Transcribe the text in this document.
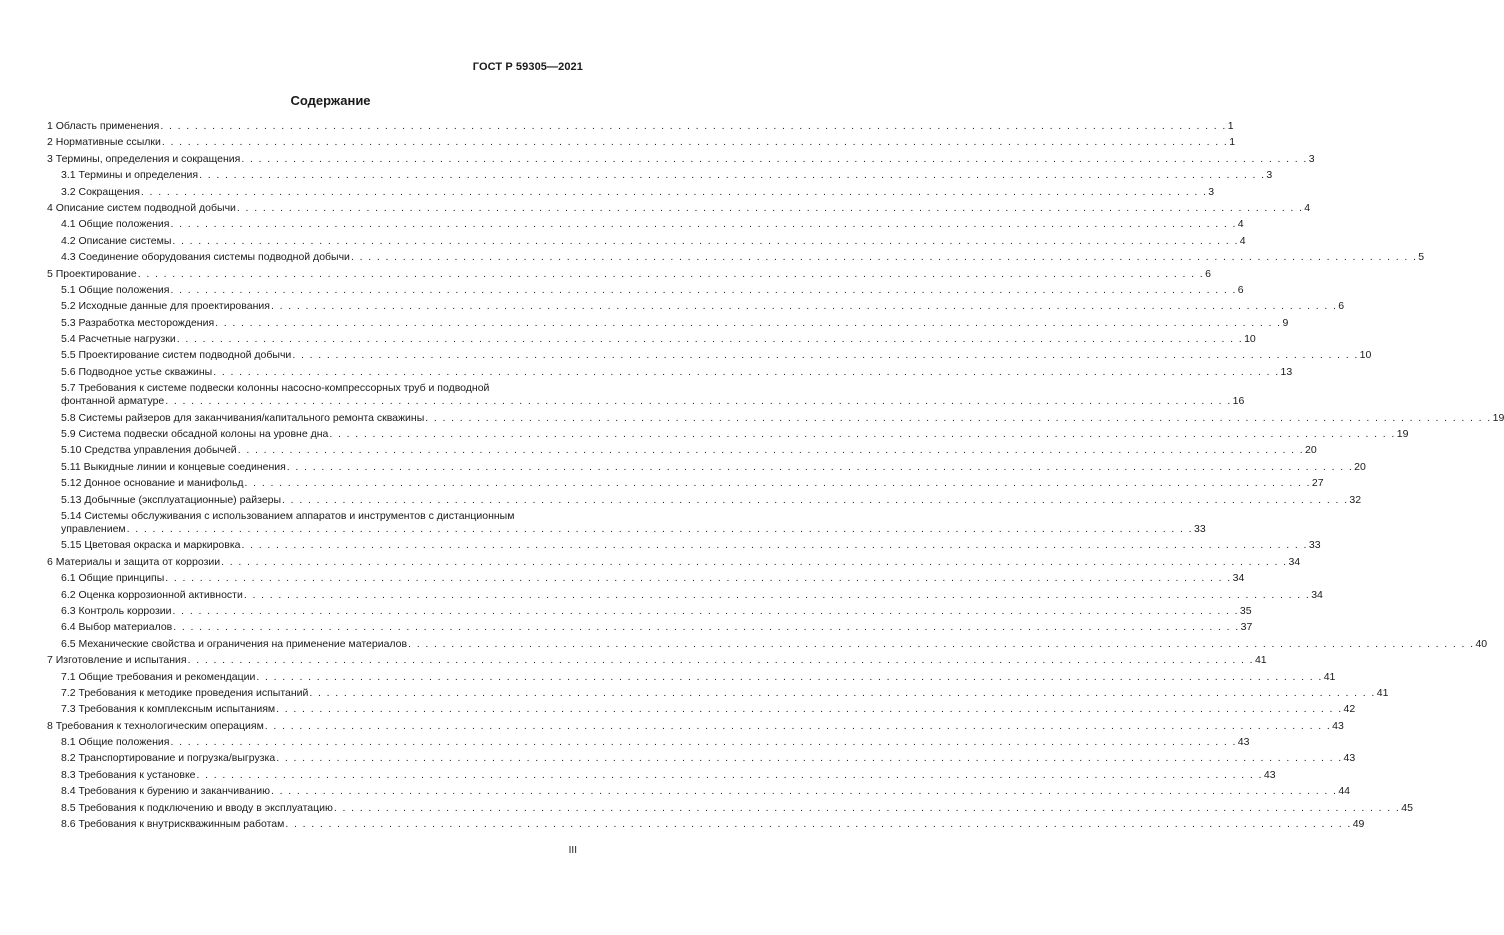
ГОСТ Р 59305—2021
Содержание
1 Область применения . . .	1
2 Нормативные ссылки . . .	1
3 Термины, определения и сокращения . . .	3
3.1 Термины и определения . . .	3
3.2 Сокращения . . .	3
4 Описание систем подводной добычи . . .	4
4.1 Общие положения . . .	4
4.2 Описание системы . . .	4
4.3 Соединение оборудования системы подводной добычи . . .	5
5 Проектирование . . .	6
5.1 Общие положения . . .	6
5.2 Исходные данные для проектирования . . .	6
5.3 Разработка месторождения . . .	9
5.4 Расчетные нагрузки . . .	10
5.5 Проектирование систем подводной добычи . . .	10
5.6 Подводное устье скважины . . .	13
5.7 Требования к системе подвески колонны насосно-компрессорных труб и подводной
фонтанной арматуре . . .	16
5.8 Системы райзеров для заканчивания/капитального ремонта скважины . . .	19
5.9 Система подвески обсадной колоны на уровне дна . . .	19
5.10 Средства управления добычей . . .	20
5.11 Выкидные линии и концевые соединения . . .	20
5.12 Донное основание и манифольд . . .	27
5.13 Добычные (эксплуатационные) райзеры . . .	32
5.14 Системы обслуживания с использованием аппаратов и инструментов с дистанционным
управлением . . .	33
5.15 Цветовая окраска и маркировка . . .	33
6 Материалы и защита от коррозии . . .	34
6.1 Общие принципы . . .	34
6.2 Оценка коррозионной активности . . .	34
6.3 Контроль коррозии . . .	35
6.4 Выбор материалов . . .	37
6.5 Механические свойства и ограничения на применение материалов . . .	40
7 Изготовление и испытания . . .	41
7.1 Общие требования и рекомендации . . .	41
7.2 Требования к методике проведения испытаний . . .	41
7.3 Требования к комплексным испытаниям . . .	42
8 Требования к технологическим операциям . . .	43
8.1 Общие положения . . .	43
8.2 Транспортирование и погрузка/выгрузка . . .	43
8.3 Требования к установке . . .	43
8.4 Требования к бурению и заканчиванию . . .	44
8.5 Требования к подключению и вводу в эксплуатацию . . .	45
8.6 Требования к внутрискважинным работам . . .	49
III
